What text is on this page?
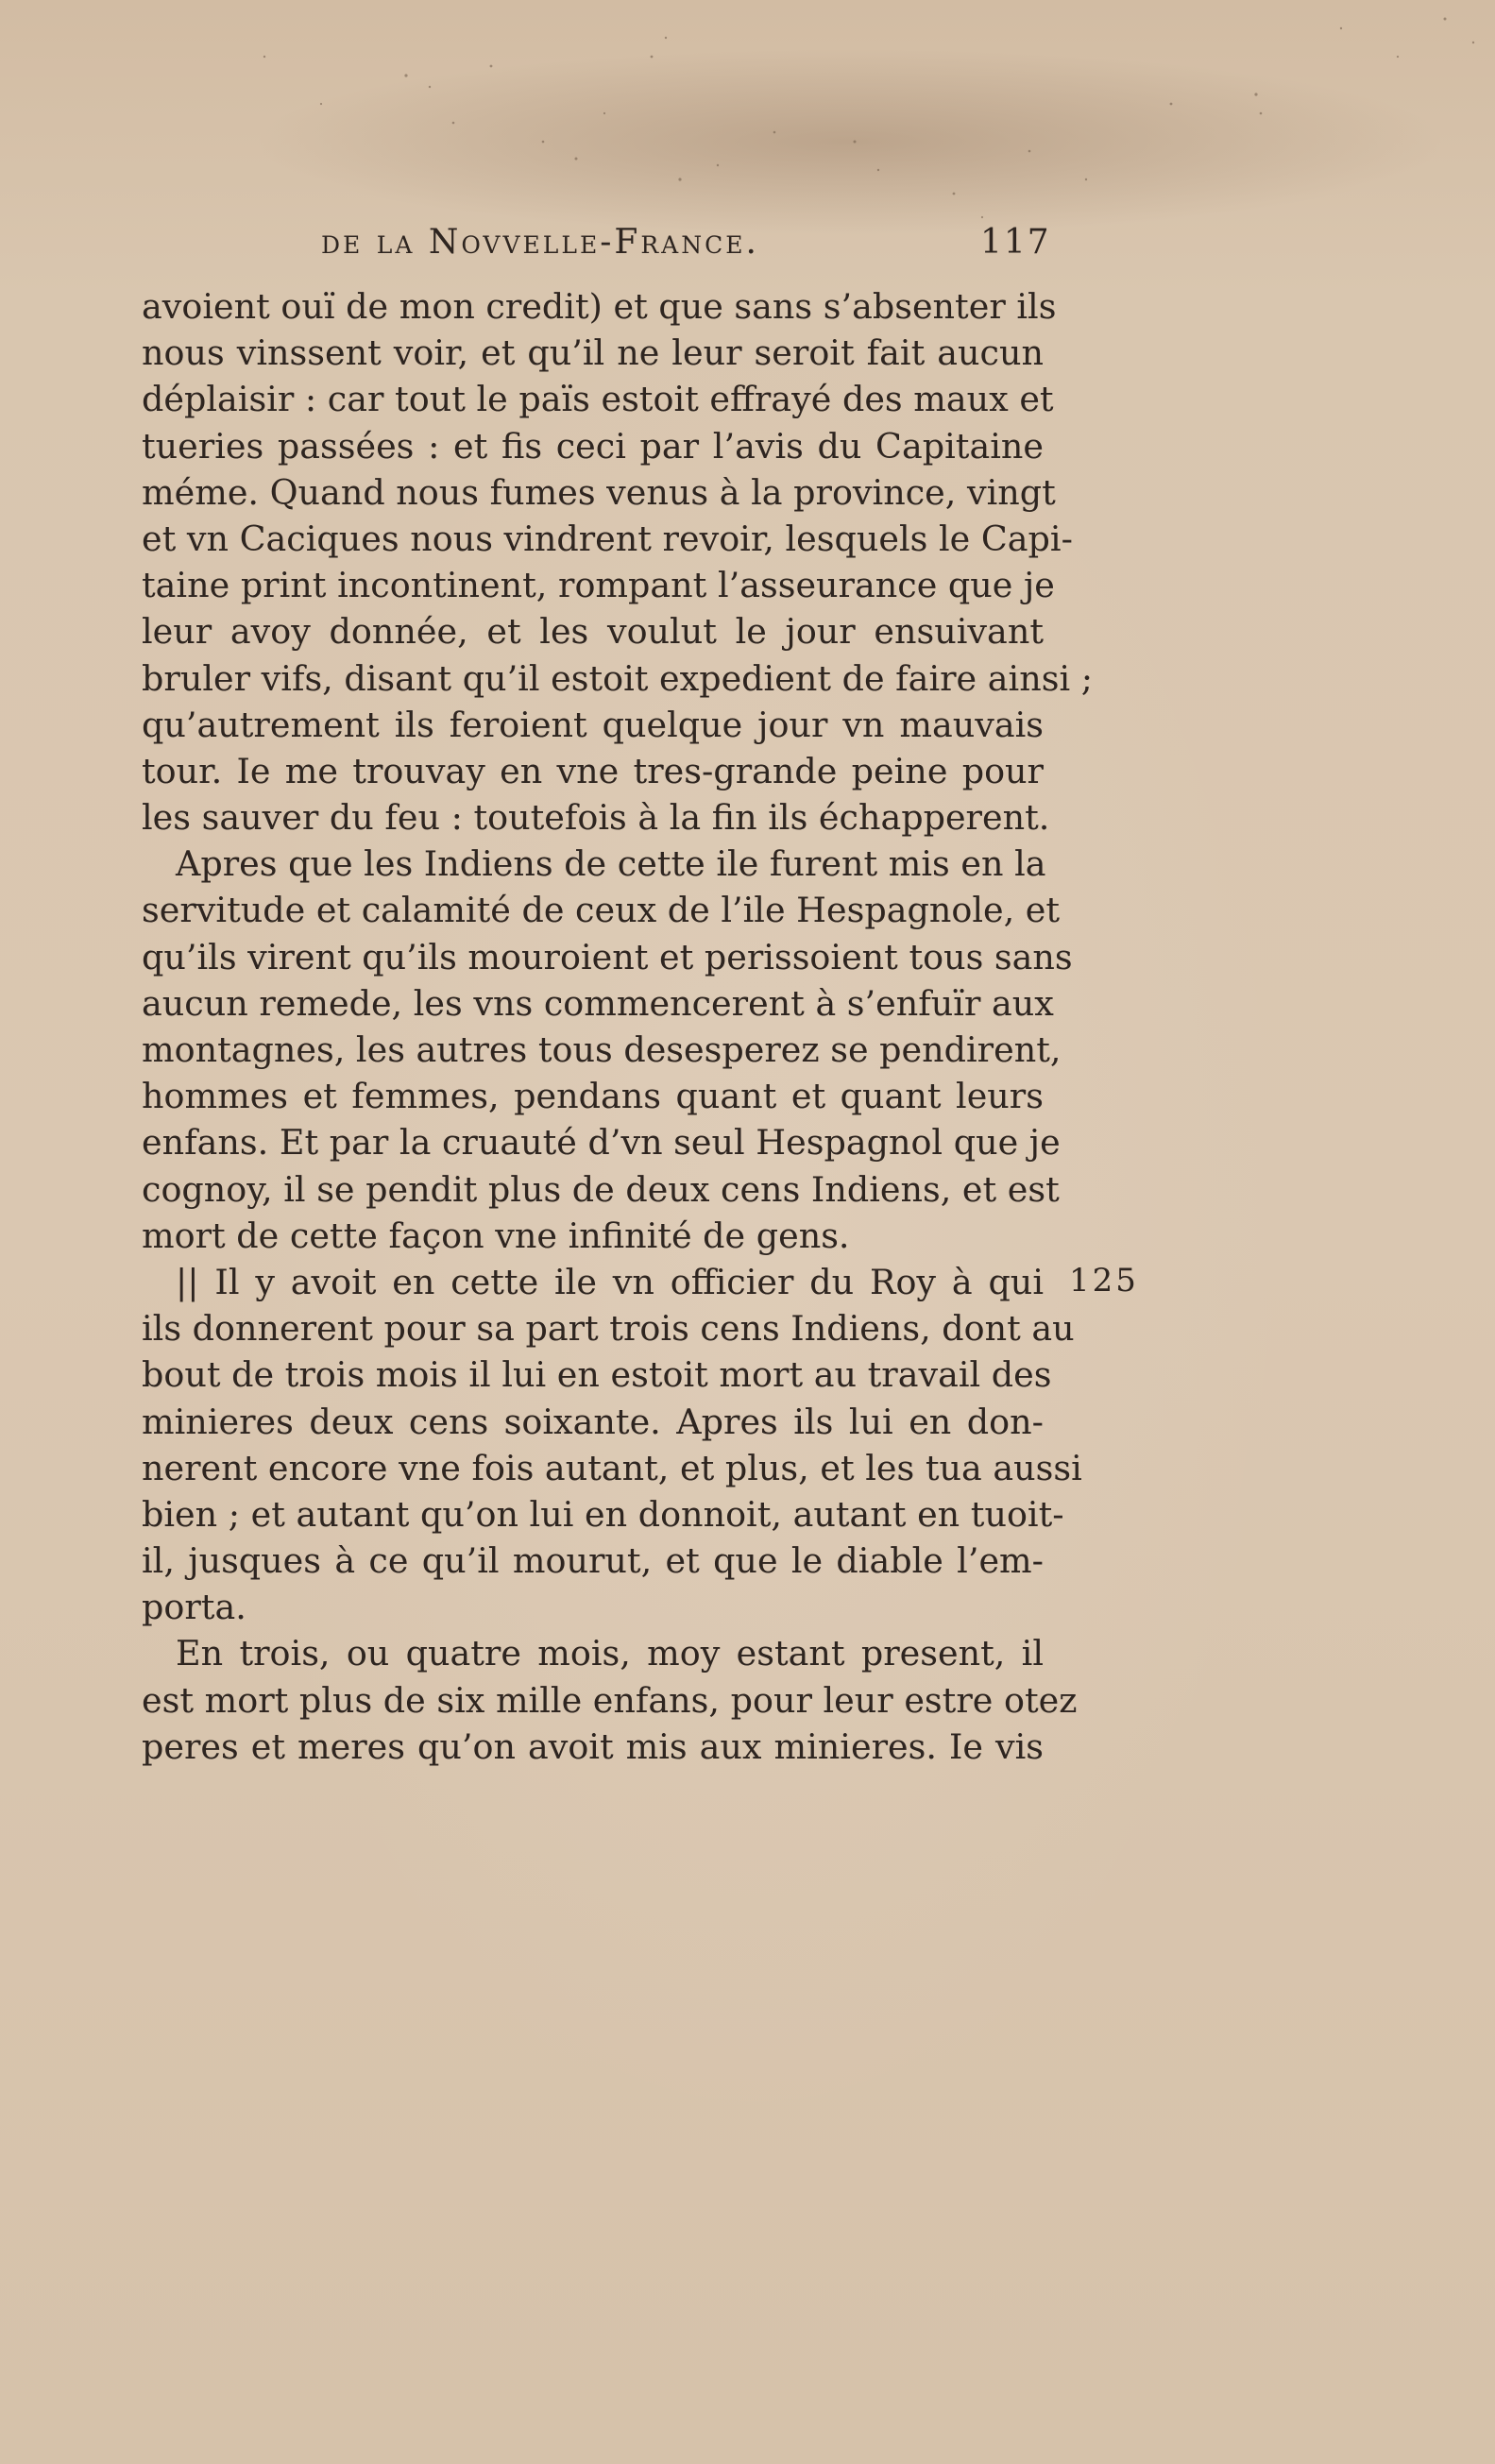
de la Novvelle-France.	117
avoient ouï de mon credit) et que sans s’absenter ils
nous vinssent voir, et qu’il ne leur seroit fait aucun
déplaisir : car tout le païs estoit effrayé des maux et
tueries passées : et fis ceci par l’avis du Capitaine
méme. Quand nous fumes venus à la province, vingt
et vn Caciques nous vindrent revoir, lesquels le Capi-
taine print incontinent, rompant l’asseurance que je
leur avoy donnée, et les voulut le jour ensuivant
bruler vifs, disant qu’il estoit expedient de faire ainsi ;
qu’autrement ils feroient quelque jour vn mauvais
tour. Ie me trouvay en vne tres-grande peine pour
les sauver du feu : toutefois à la fin ils échapperent.
Apres que les Indiens de cette ile furent mis en la
servitude et calamité de ceux de l’ile Hespagnole, et
qu’ils virent qu’ils mouroient et perissoient tous sans
aucun remede, les vns commencerent à s’enfuïr aux
montagnes, les autres tous desesperez se pendirent,
hommes et femmes, pendans quant et quant leurs
enfans. Et par la cruauté d’vn seul Hespagnol que je
cognoy, il se pendit plus de deux cens Indiens, et est
mort de cette façon vne infinité de gens.
|| Il y avoit en cette ile vn officier du Roy à qui
ils donnerent pour sa part trois cens Indiens, dont au
bout de trois mois il lui en estoit mort au travail des
minieres deux cens soixante. Apres ils lui en don-
nerent encore vne fois autant, et plus, et les tua aussi
bien ; et autant qu’on lui en donnoit, autant en tuoit-
il, jusques à ce qu’il mourut, et que le diable l’em-
porta.
En trois, ou quatre mois, moy estant present, il
est mort plus de six mille enfans, pour leur estre otez
peres et meres qu’on avoit mis aux minieres. Ie vis
125
